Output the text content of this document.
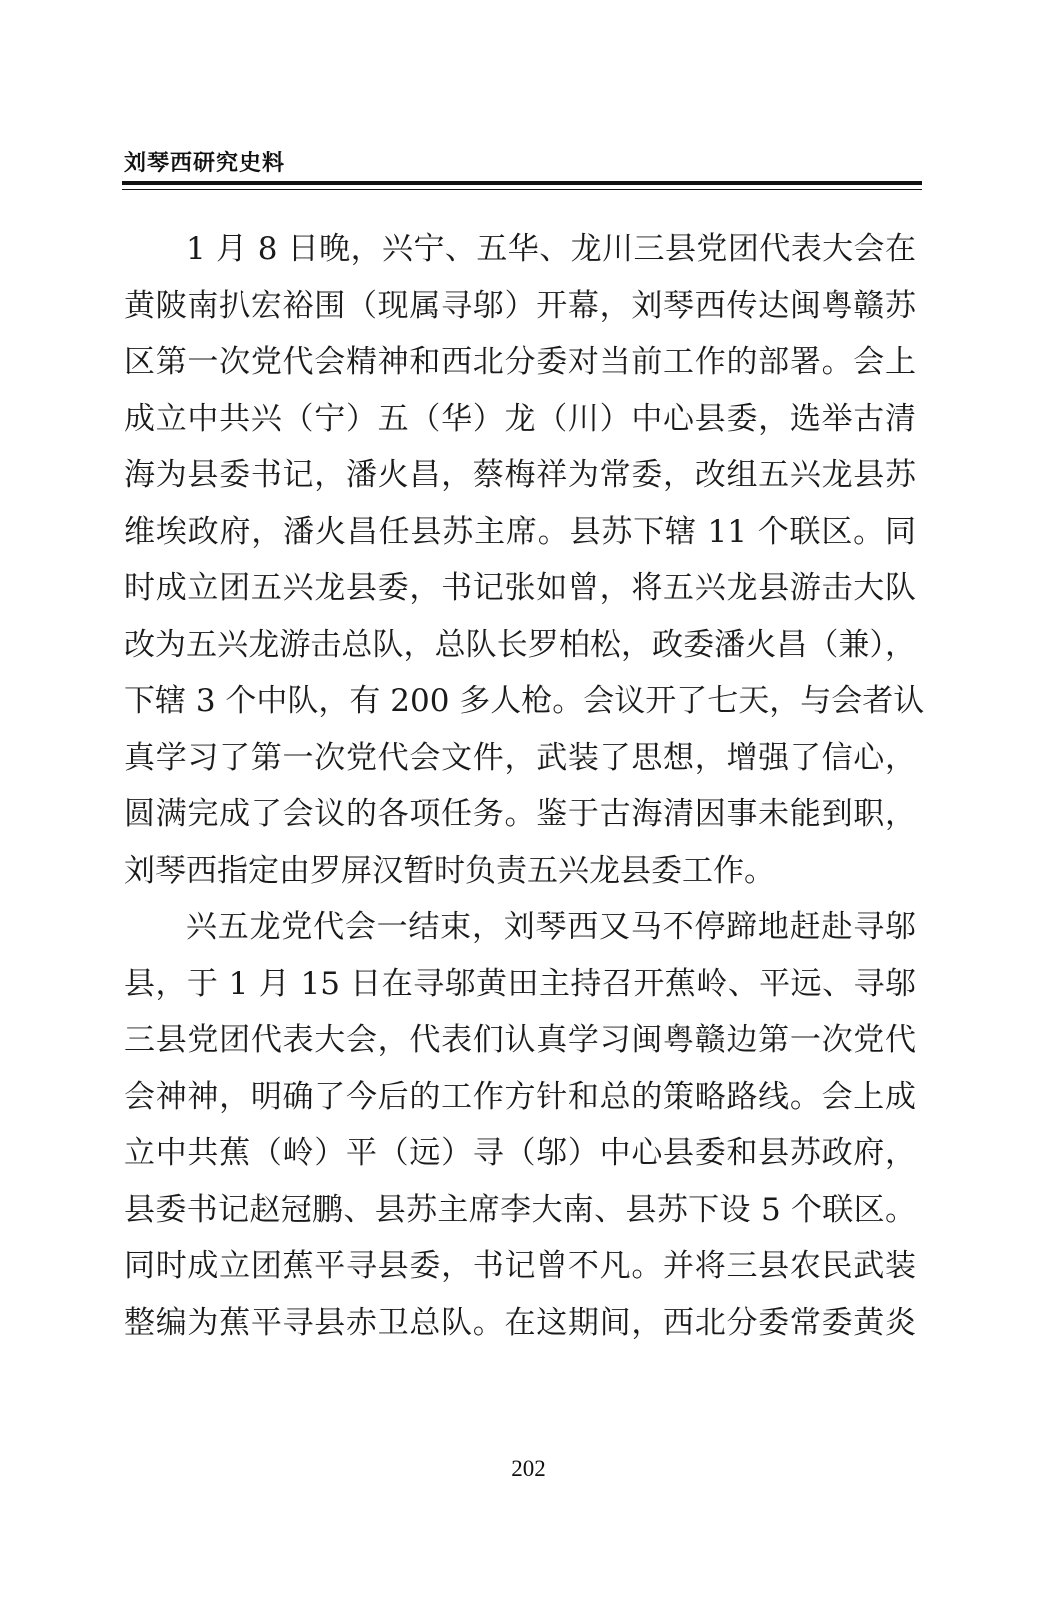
刘琴西研究史料
1 月 8 日晚，兴宁、五华、龙川三县党团代表大会在
黄陂南扒宏裕围（现属寻邬）开幕，刘琴西传达闽粤赣苏
区第一次党代会精神和西北分委对当前工作的部署。会上
成立中共兴（宁）五（华）龙（川）中心县委，选举古清
海为县委书记，潘火昌，蔡梅祥为常委，改组五兴龙县苏
维埃政府，潘火昌任县苏主席。县苏下辖 11 个联区。同
时成立团五兴龙县委，书记张如曾，将五兴龙县游击大队
改为五兴龙游击总队，总队长罗柏松，政委潘火昌（兼），
下辖 3 个中队，有 200 多人枪。会议开了七天，与会者认
真学习了第一次党代会文件，武装了思想，增强了信心，
圆满完成了会议的各项任务。鉴于古海清因事未能到职，
刘琴西指定由罗屏汉暂时负责五兴龙县委工作。
兴五龙党代会一结束，刘琴西又马不停蹄地赶赴寻邬
县，于 1 月 15 日在寻邬黄田主持召开蕉岭、平远、寻邬
三县党团代表大会，代表们认真学习闽粤赣边第一次党代
会神神，明确了今后的工作方针和总的策略路线。会上成
立中共蕉（岭）平（远）寻（邬）中心县委和县苏政府，
县委书记赵冠鹏、县苏主席李大南、县苏下设 5 个联区。
同时成立团蕉平寻县委，书记曾不凡。并将三县农民武装
整编为蕉平寻县赤卫总队。在这期间，西北分委常委黄炎
202
